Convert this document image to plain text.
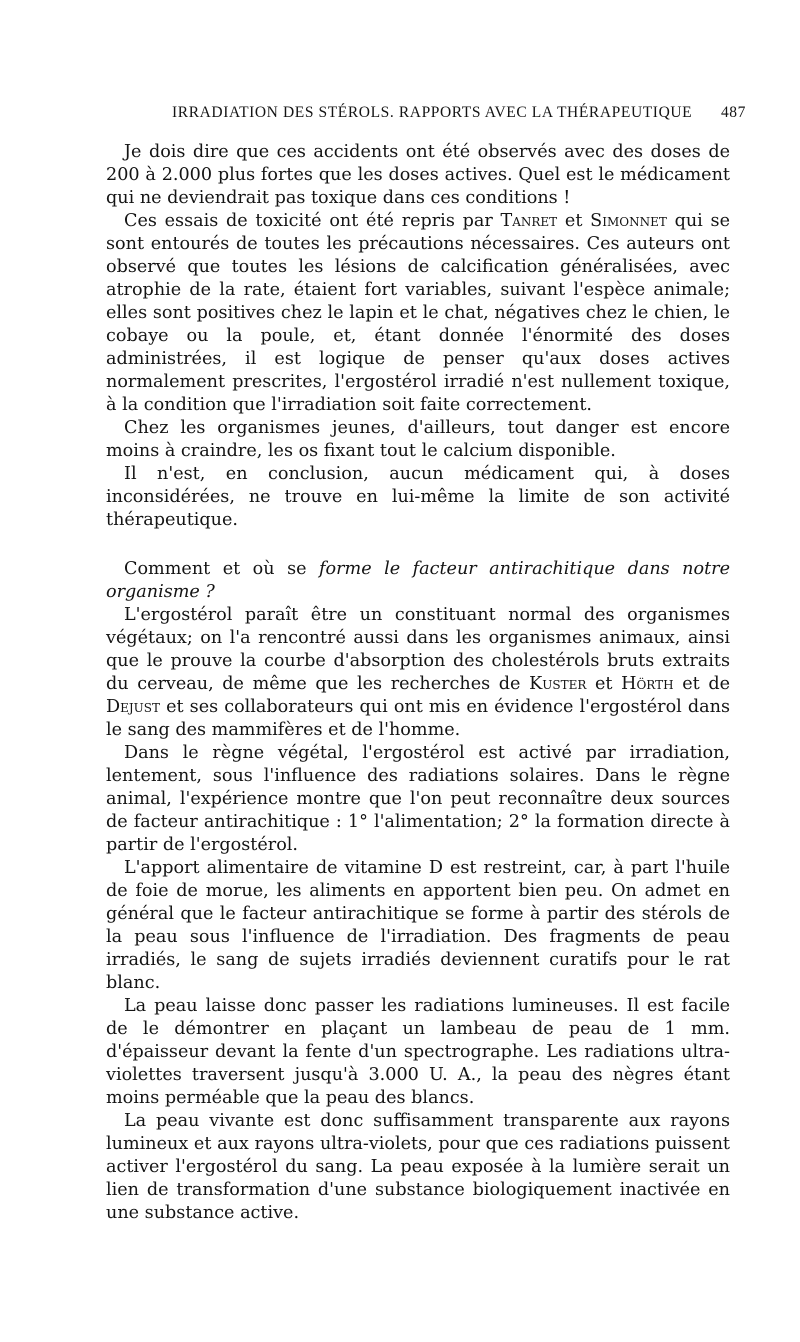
IRRADIATION DES STÉROLS. RAPPORTS AVEC LA THÉRAPEUTIQUE 487

Je dois dire que ces accidents ont été observés avec des doses de 200 à 2.000 plus fortes que les doses actives. Quel est le médicament qui ne deviendrait pas toxique dans ces conditions !

Ces essais de toxicité ont été repris par Tanret et Simonnet qui se sont entourés de toutes les précautions nécessaires. Ces auteurs ont observé que toutes les lésions de calcification généralisées, avec atrophie de la rate, étaient fort variables, suivant l'espèce animale; elles sont positives chez le lapin et le chat, négatives chez le chien, le cobaye ou la poule, et, étant donnée l'énormité des doses administrées, il est logique de penser qu'aux doses actives normalement prescrites, l'ergostérol irradié n'est nullement toxique, à la condition que l'irradiation soit faite correctement.

Chez les organismes jeunes, d'ailleurs, tout danger est encore moins à craindre, les os fixant tout le calcium disponible.

Il n'est, en conclusion, aucun médicament qui, à doses inconsidérées, ne trouve en lui-même la limite de son activité thérapeutique.

Comment et où se forme le facteur antirachitique dans notre organisme ?

L'ergostérol paraît être un constituant normal des organismes végétaux; on l'a rencontré aussi dans les organismes animaux, ainsi que le prouve la courbe d'absorption des cholestérols bruts extraits du cerveau, de même que les recherches de Kuster et Hörth et de Dejust et ses collaborateurs qui ont mis en évidence l'ergostérol dans le sang des mammifères et de l'homme.

Dans le règne végétal, l'ergostérol est activé par irradiation, lentement, sous l'influence des radiations solaires. Dans le règne animal, l'expérience montre que l'on peut reconnaître deux sources de facteur antirachitique : 1° l'alimentation; 2° la formation directe à partir de l'ergostérol.

L'apport alimentaire de vitamine D est restreint, car, à part l'huile de foie de morue, les aliments en apportent bien peu. On admet en général que le facteur antirachitique se forme à partir des stérols de la peau sous l'influence de l'irradiation. Des fragments de peau irradiés, le sang de sujets irradiés deviennent curatifs pour le rat blanc.

La peau laisse donc passer les radiations lumineuses. Il est facile de le démontrer en plaçant un lambeau de peau de 1 mm. d'épaisseur devant la fente d'un spectrographe. Les radiations ultra-violettes traversent jusqu'à 3.000 U. A., la peau des nègres étant moins perméable que la peau des blancs.

La peau vivante est donc suffisamment transparente aux rayons lumineux et aux rayons ultra-violets, pour que ces radiations puissent activer l'ergostérol du sang. La peau exposée à la lumière serait un lien de transformation d'une substance biologiquement inactivée en une substance active.
